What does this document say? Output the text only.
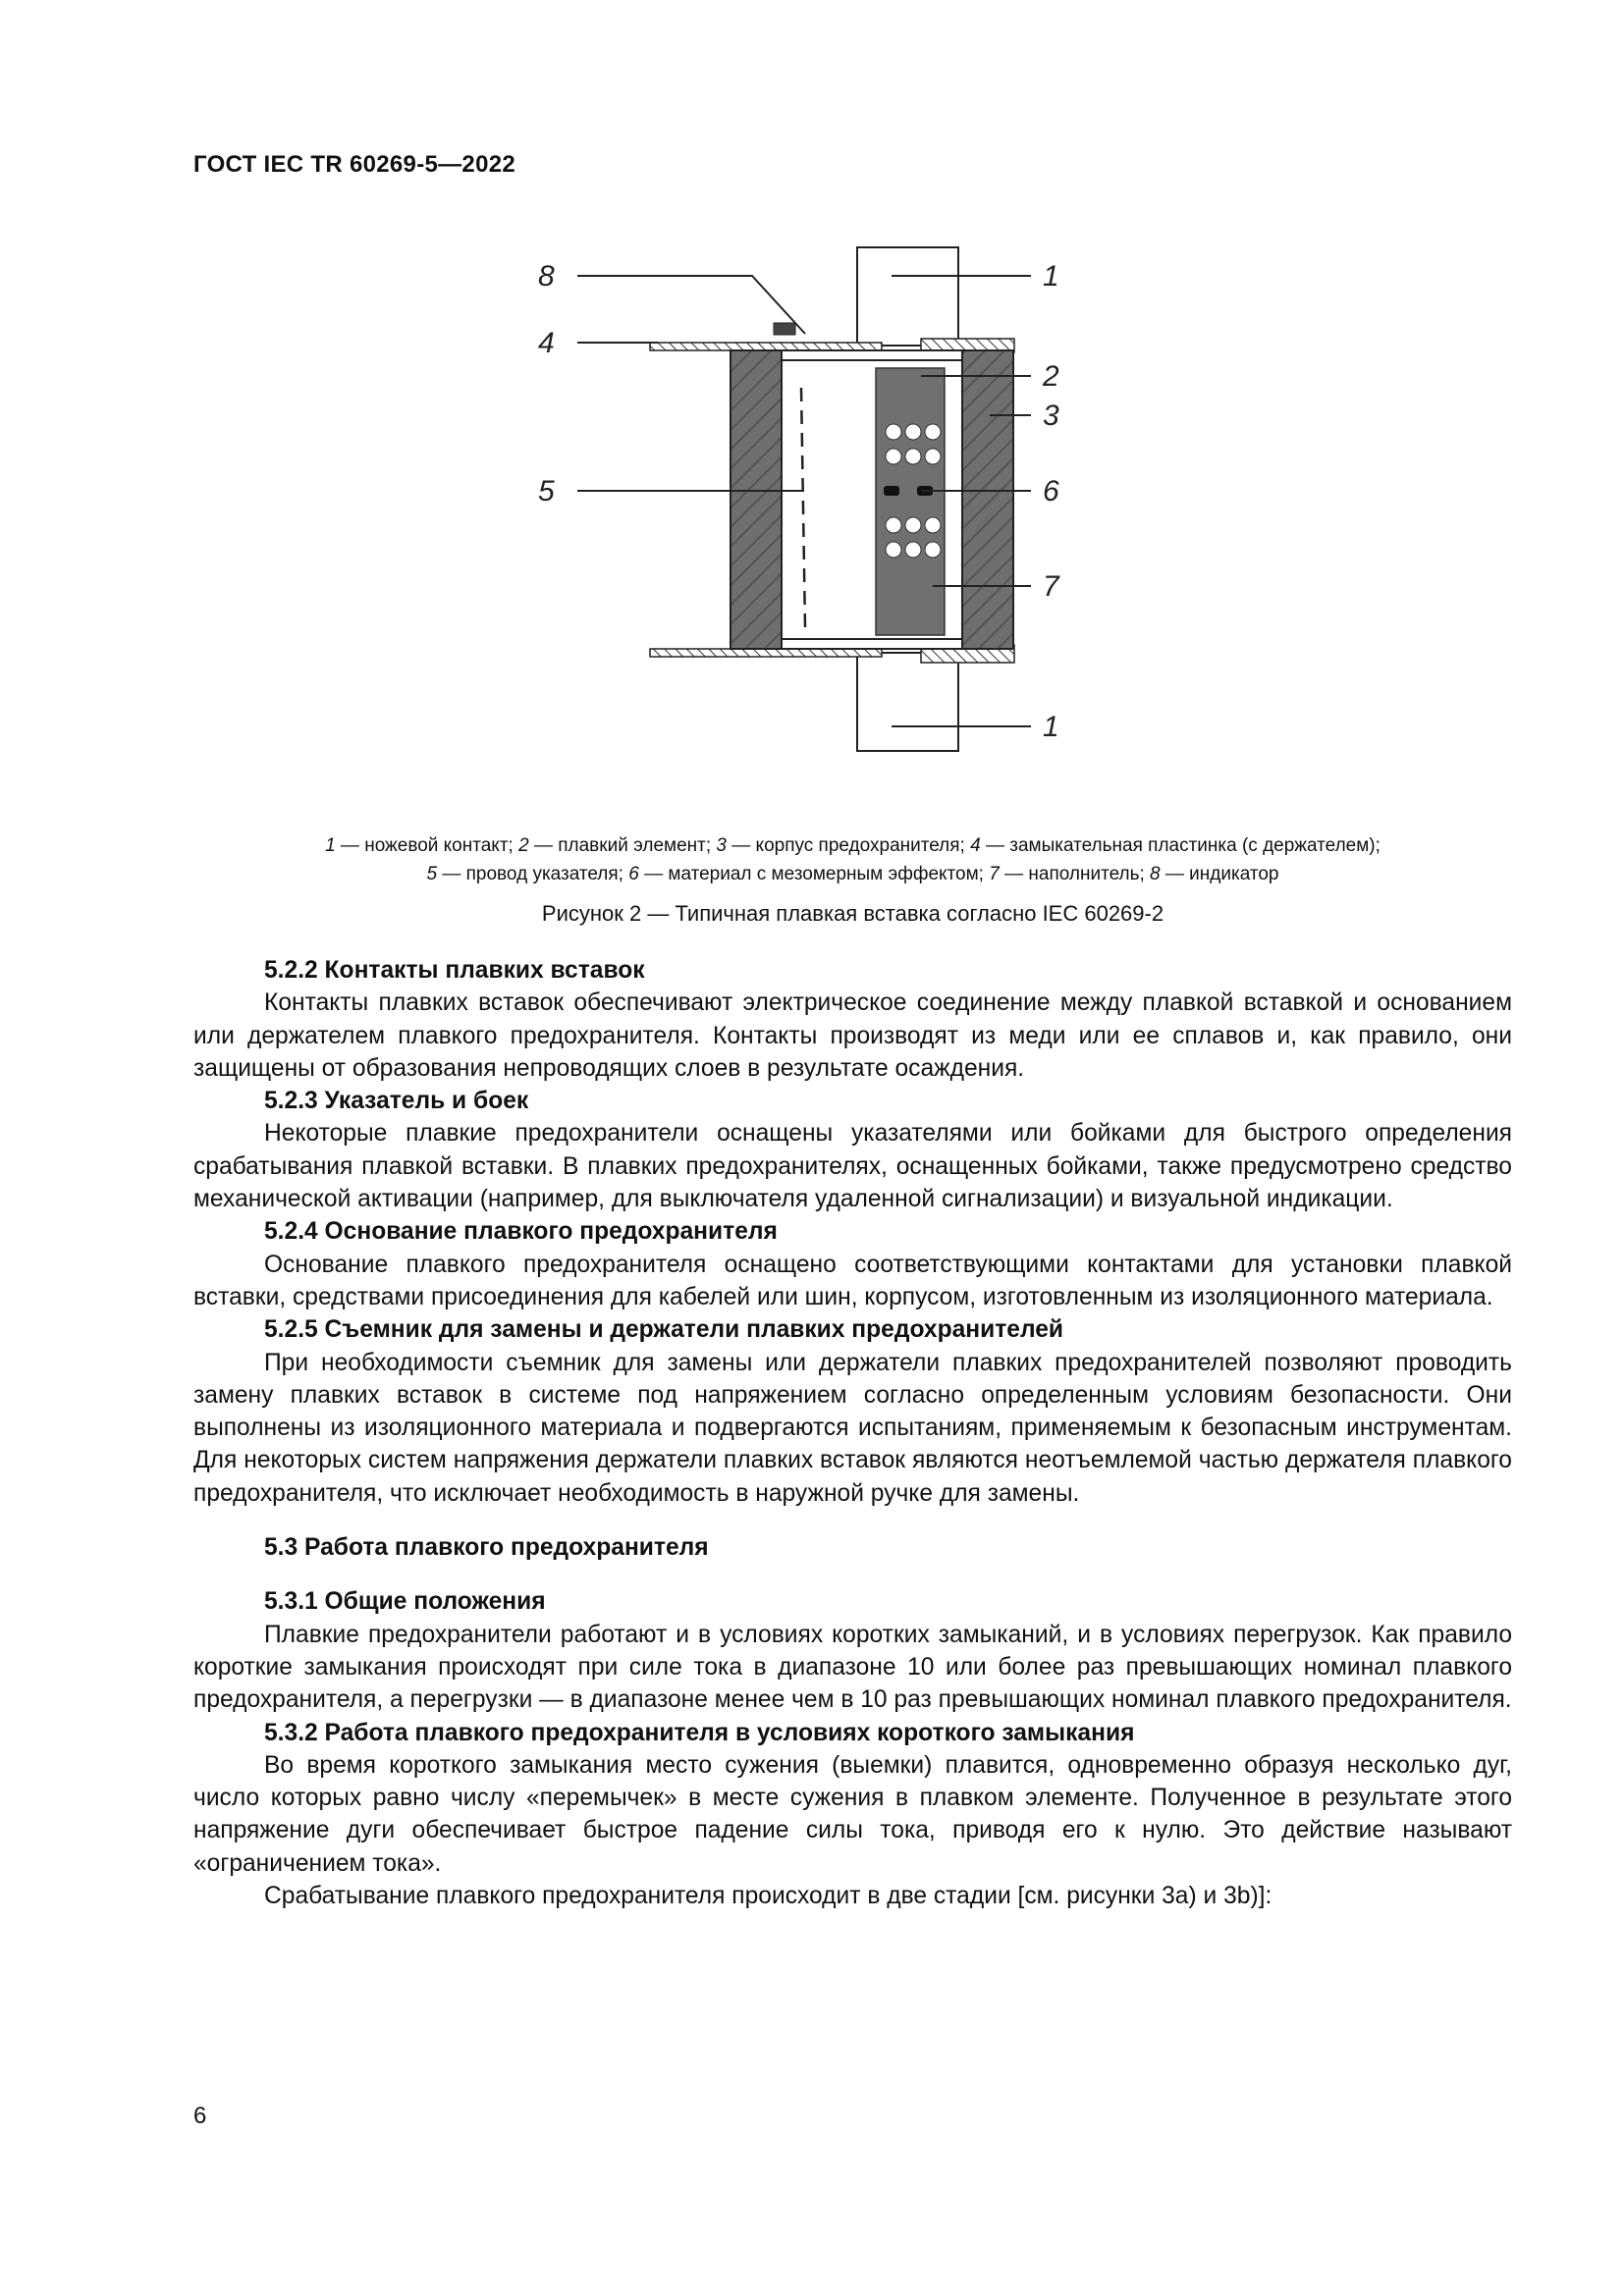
ГОСТ IEC TR 60269-5—2022
1
2
3
6
7
1
8
4
5
1 — ножевой контакт; 2 — плавкий элемент; 3 — корпус предохранителя; 4 — замыкательная пластинка (с держателем);
5 — провод указателя; 6 — материал с мезомерным эффектом; 7 — наполнитель; 8 — индикатор
Рисунок 2 — Типичная плавкая вставка согласно IEC 60269-2
5.2.2 Контакты плавких вставок
Контакты плавких вставок обеспечивают электрическое соединение между плавкой вставкой и основанием или держателем плавкого предохранителя. Контакты производят из меди или ее сплавов и, как правило, они защищены от образования непроводящих слоев в результате осаждения.
5.2.3 Указатель и боек
Некоторые плавкие предохранители оснащены указателями или бойками для быстрого определения срабатывания плавкой вставки. В плавких предохранителях, оснащенных бойками, также предусмотрено средство механической активации (например, для выключателя удаленной сигнализации) и визуальной индикации.
5.2.4 Основание плавкого предохранителя
Основание плавкого предохранителя оснащено соответствующими контактами для установки плавкой вставки, средствами присоединения для кабелей или шин, корпусом, изготовленным из изоляционного материала.
5.2.5 Съемник для замены и держатели плавких предохранителей
При необходимости съемник для замены или держатели плавких предохранителей позволяют проводить замену плавких вставок в системе под напряжением согласно определенным условиям безопасности. Они выполнены из изоляционного материала и подвергаются испытаниям, применяемым к безопасным инструментам. Для некоторых систем напряжения держатели плавких вставок являются неотъемлемой частью держателя плавкого предохранителя, что исключает необходимость в наружной ручке для замены.
5.3 Работа плавкого предохранителя
5.3.1 Общие положения
Плавкие предохранители работают и в условиях коротких замыканий, и в условиях перегрузок. Как правило короткие замыкания происходят при силе тока в диапазоне 10 или более раз превышающих номинал плавкого предохранителя, а перегрузки — в диапазоне менее чем в 10 раз превышающих номинал плавкого предохранителя.
5.3.2 Работа плавкого предохранителя в условиях короткого замыкания
Во время короткого замыкания место сужения (выемки) плавится, одновременно образуя несколько дуг, число которых равно числу «перемычек» в месте сужения в плавком элементе. Полученное в результате этого напряжение дуги обеспечивает быстрое падение силы тока, приводя его к нулю. Это действие называют «ограничением тока».
Срабатывание плавкого предохранителя происходит в две стадии [см. рисунки 3a) и 3b)]:
6
